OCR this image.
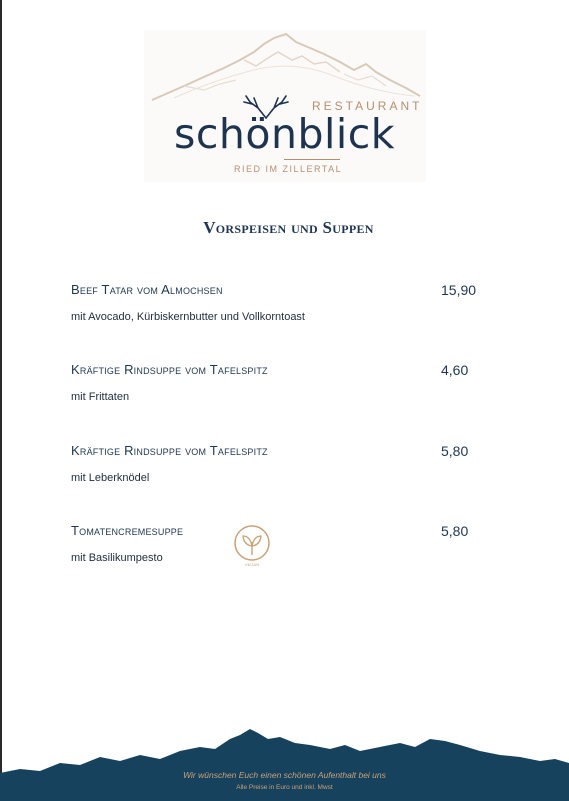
RESTAURANT
schönblick
RIED IM ZILLERTAL
Vorspeisen und Suppen
Beef Tatar vom Almochsen	15,90
mit Avocado, Kürbiskernbutter und Vollkorntoast
Kräftige Rindsuppe vom Tafelspitz	4,60
mit Frittaten
Kräftige Rindsuppe vom Tafelspitz	5,80
mit Leberknödel
Tomatencremesuppe	5,80
mit Basilikumpesto
VEGAN
Wir wünschen Euch einen schönen Aufenthalt bei uns
Alle Preise in Euro und inkl. Mwst
